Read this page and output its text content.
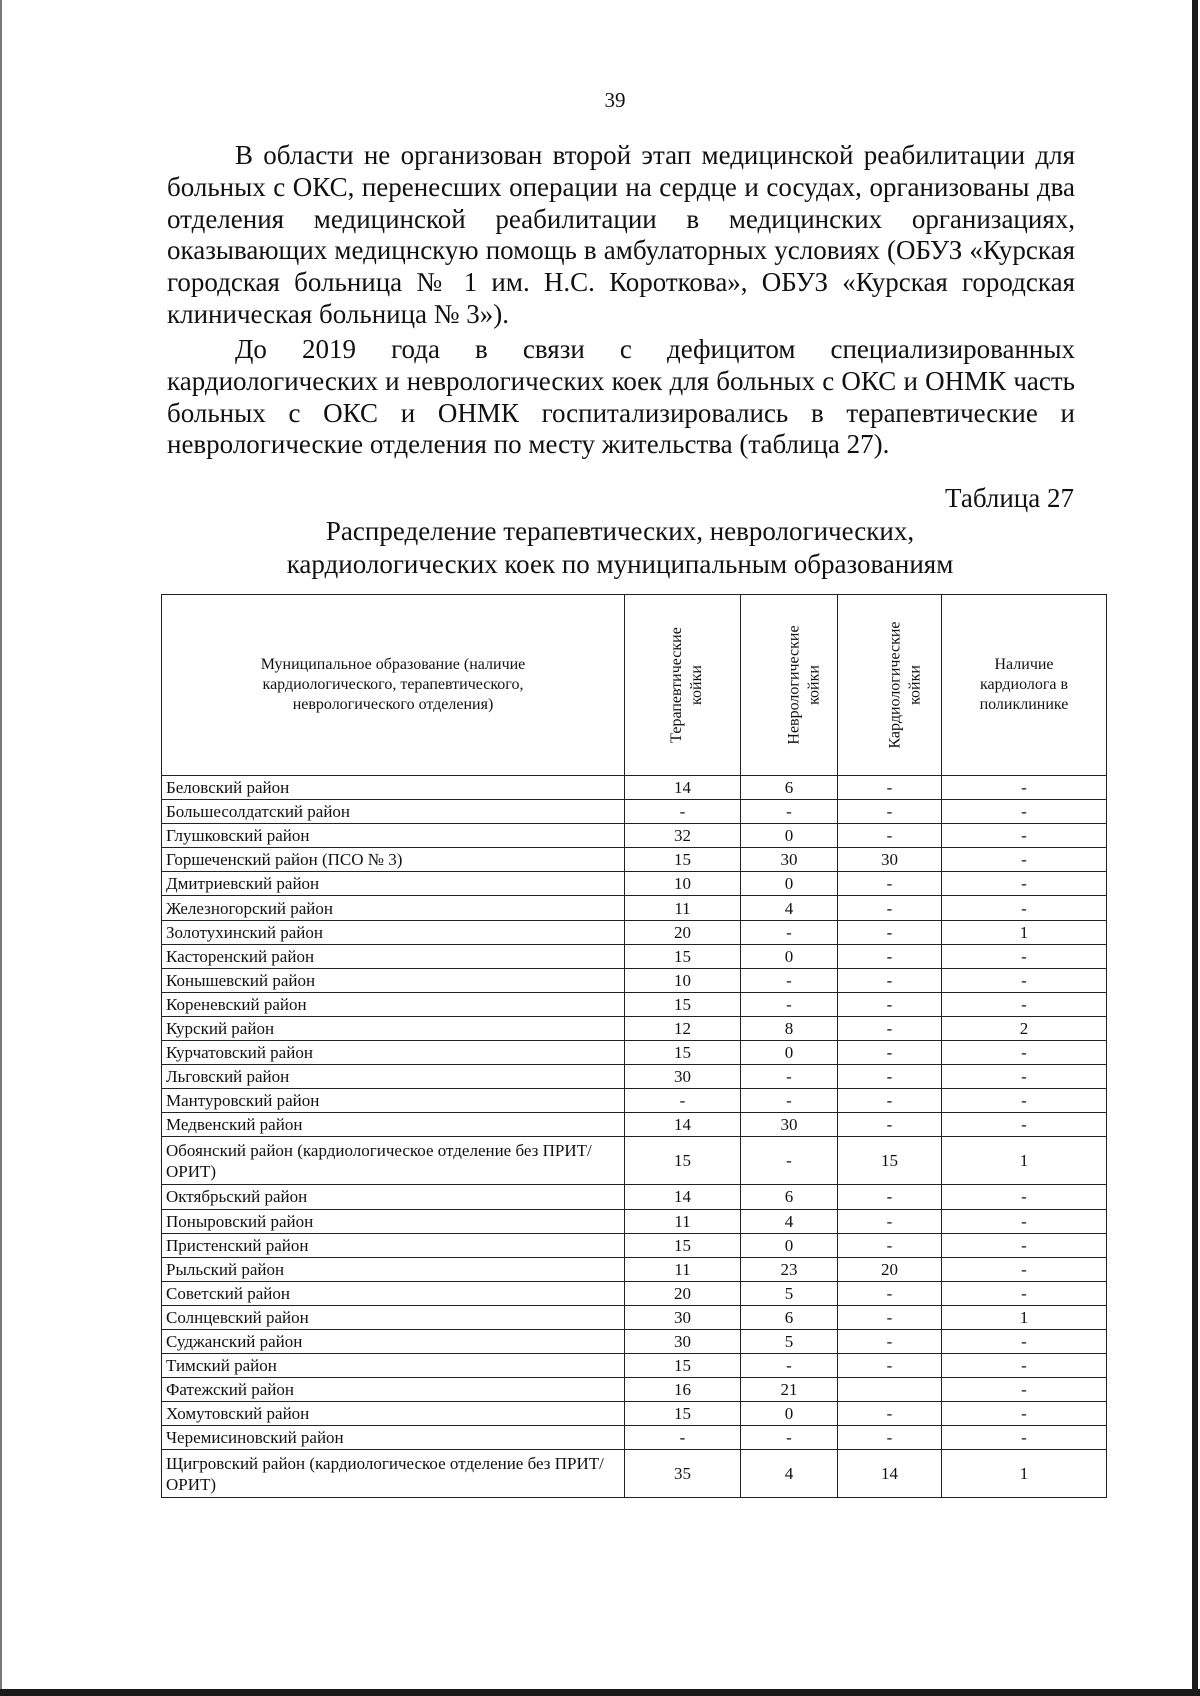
39

В области не организован второй этап медицинской реабилитации для больных с ОКС, перенесших операции на сердце и сосудах, организованы два отделения медицинской реабилитации в медицинских организациях, оказывающих медицнскую помощь в амбулаторных условиях (ОБУЗ «Курская городская больница № 1 им. Н.С. Короткова», ОБУЗ «Курская городская клиническая больница № 3»).

До 2019 года в связи с дефицитом специализированных кардиологических и неврологических коек для больных с ОКС и ОНМК часть больных с ОКС и ОНМК госпитализировались в терапевтические и неврологические отделения по месту жительства (таблица 27).

Таблица 27

Распределение терапевтических, неврологических,
кардиологических коек по муниципальным образованиям

Муниципальное образование (наличие
кардиологического, терапевтического,
неврологического отделения)	Терапевтические койки	Неврологические койки	Кардиологические койки	Наличие
кардиолога в
поликлинике
Беловский район	14	6	-	-
Большесолдатский район	-	-	-	-
Глушковский район	32	0	-	-
Горшеченский район (ПСО № 3)	15	30	30	-
Дмитриевский район	10	0	-	-
Железногорский район	11	4	-	-
Золотухинский район	20	-	-	1
Касторенский район	15	0	-	-
Конышевский район	10	-	-	-
Кореневский район	15	-	-	-
Курский район	12	8	-	2
Курчатовский район	15	0	-	-
Льговский район	30	-	-	-
Мантуровский район	-	-	-	-
Медвенский район	14	30	-	-
Обоянский район (кардиологическое отделение без ПРИТ/ОРИТ)	15	-	15	1
Октябрьский район	14	6	-	-
Поныровский район	11	4	-	-
Пристенский район	15	0	-	-
Рыльский район	11	23	20	-
Советский район	20	5	-	-
Солнцевский район	30	6	-	1
Суджанский район	30	5	-	-
Тимский район	15	-	-	-
Фатежский район	16	21		-
Хомутовский район	15	0	-	-
Черемисиновский район	-	-	-	-
Щигровский район (кардиологическое отделение без ПРИТ/ОРИТ)	35	4	14	1
